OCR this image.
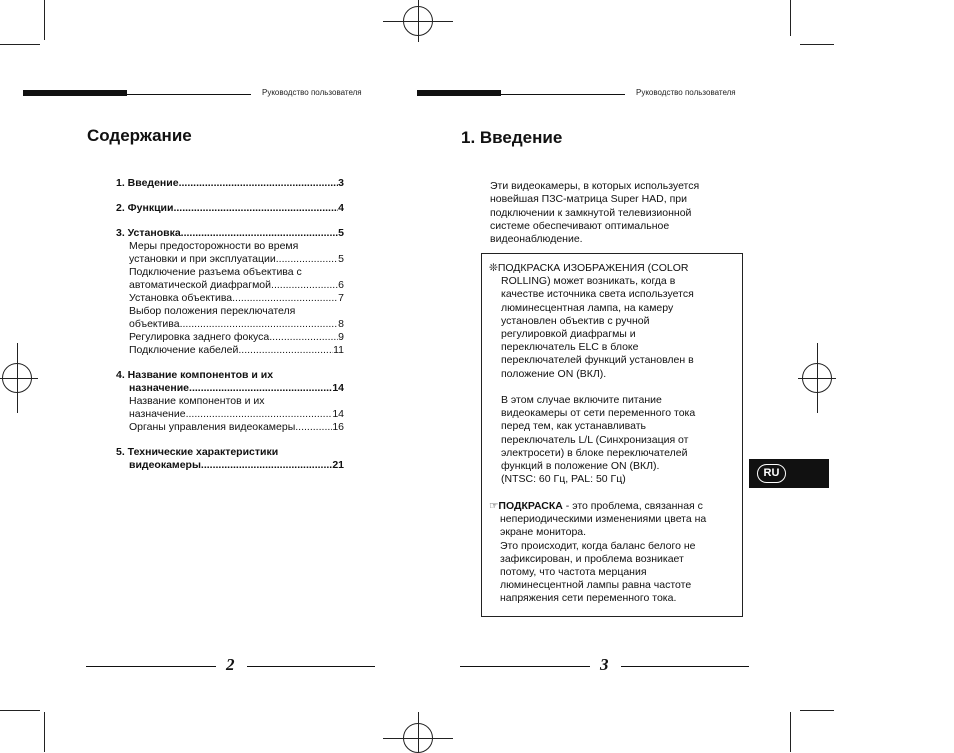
Руководство пользователя	Руководство пользователя
Содержание
1. Введение .....	3
2. Функции .....	4
3. Установка .....	5
Меры предосторожности во время
установки и при эксплуатации .....	5
Подключение разъема объектива с
автоматической диафрагмой .....	6
Установка объектива .....	7
Выбор положения переключателя
объектива .....	8
Регулировка заднего фокуса .....	9
Подключение кабелей .....	11
4. Название компонентов и их
назначение .....	14
Название компонентов и их
назначение .....	14
Органы управления видеокамеры .....	16
5. Технические характеристики
видеокамеры .....	21
2
1. Введение
Эти видеокамеры, в которых используется
новейшая ПЗС-матрица Super HAD, при
подключении к замкнутой телевизионной
системе обеспечивают оптимальное
видеонаблюдение.
❊ПОДКРАСКА ИЗОБРАЖЕНИЯ (COLOR
ROLLING) может возникать, когда в
качестве источника света используется
люминесцентная лампа, на камеру
установлен объектив с ручной
регулировкой диафрагмы и
переключатель ELC в блоке
переключателей функций установлен в
положение ON (ВКЛ).
В этом случае включите питание
видеокамеры от сети переменного тока
перед тем, как устанавливать
переключатель L/L (Синхронизация от
электросети) в блоке переключателей
функций в положение ON (ВКЛ).
(NTSC: 60 Гц, PAL: 50 Гц)
☞ПОДКРАСКА - это проблема, связанная с
непериодическими изменениями цвета на
экране монитора.
Это происходит, когда баланс белого не
зафиксирован, и проблема возникает
потому, что частота мерцания
люминесцентной лампы равна частоте
напряжения сети переменного тока.
RU
3
